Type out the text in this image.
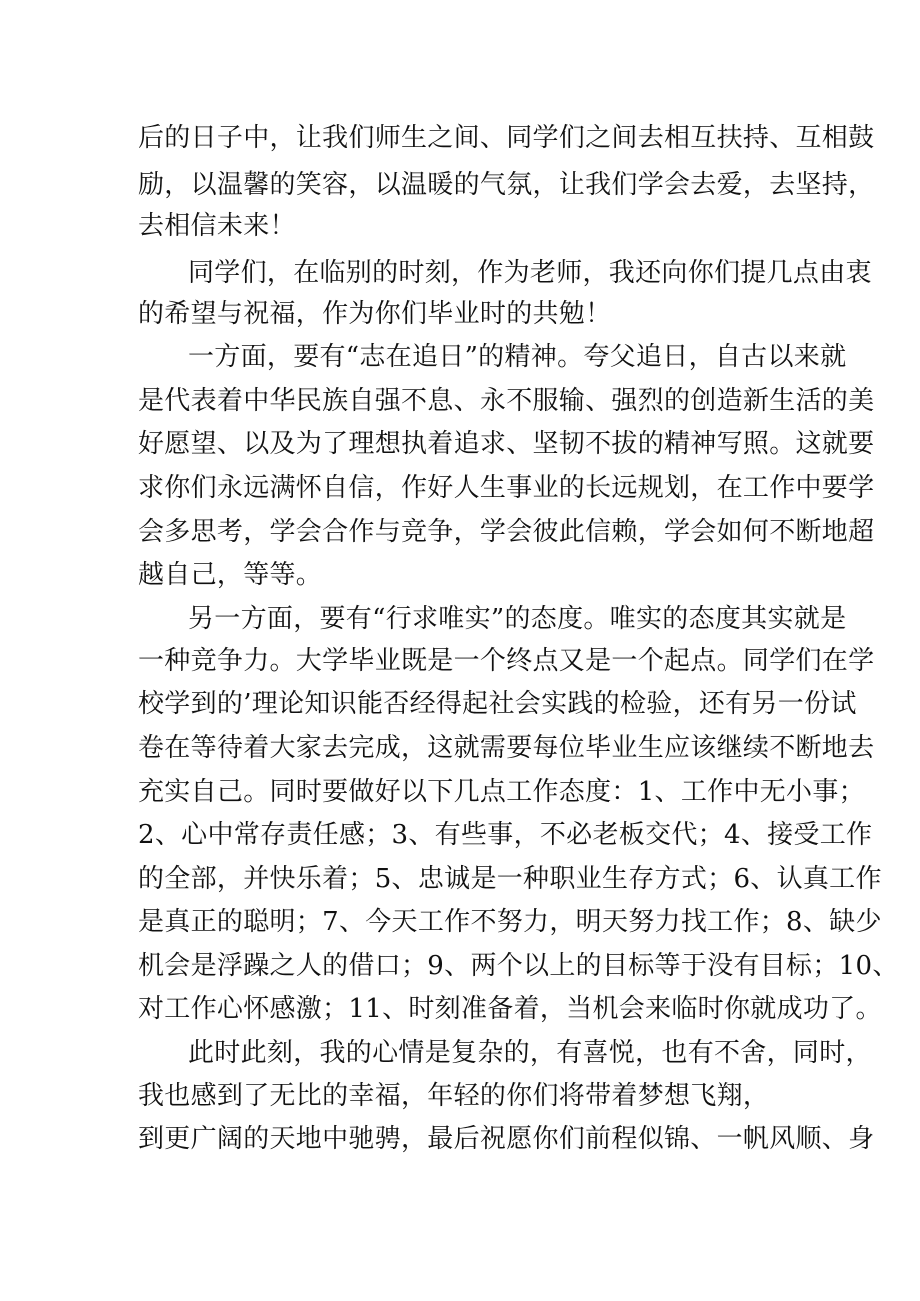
后的日子中，让我们师生之间、同学们之间去相互扶持、互相鼓
励，以温馨的笑容，以温暖的气氛，让我们学会去爱，去坚持，
去相信未来！
同学们，在临别的时刻，作为老师，我还向你们提几点由衷
的希望与祝福，作为你们毕业时的共勉！
一方面，要有“志在追日”的精神。夸父追日，自古以来就
是代表着中华民族自强不息、永不服输、强烈的创造新生活的美
好愿望、以及为了理想执着追求、坚韧不拔的精神写照。这就要
求你们永远满怀自信，作好人生事业的长远规划，在工作中要学
会多思考，学会合作与竞争，学会彼此信赖，学会如何不断地超
越自己，等等。
另一方面，要有“行求唯实”的态度。唯实的态度其实就是
一种竞争力。大学毕业既是一个终点又是一个起点。同学们在学
校学到的’理论知识能否经得起社会实践的检验，还有另一份试
卷在等待着大家去完成，这就需要每位毕业生应该继续不断地去
充实自己。同时要做好以下几点工作态度：1、工作中无小事；
2、心中常存责任感；3、有些事，不必老板交代；4、接受工作
的全部，并快乐着；5、忠诚是一种职业生存方式；6、认真工作
是真正的聪明；7、今天工作不努力，明天努力找工作；8、缺少
机会是浮躁之人的借口；9、两个以上的目标等于没有目标；10、
对工作心怀感激；11、时刻准备着，当机会来临时你就成功了。
此时此刻，我的心情是复杂的，有喜悦，也有不舍，同时，
我也感到了无比的幸福，年轻的你们将带着梦想飞翔，
到更广阔的天地中驰骋，最后祝愿你们前程似锦、一帆风顺、身
